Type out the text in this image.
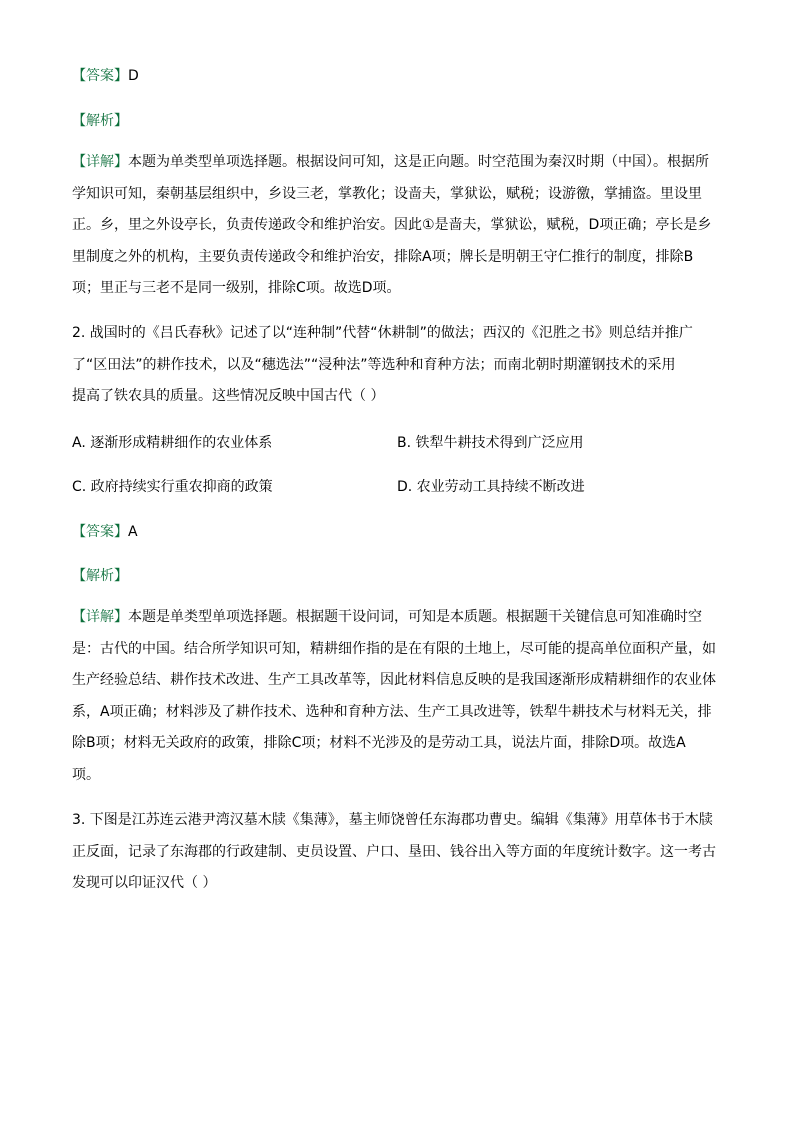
【答案】D
【解析】
【详解】本题为单类型单项选择题。根据设问可知，这是正向题。时空范围为秦汉时期（中国）。根据所
学知识可知，秦朝基层组织中，乡设三老，掌教化；设啬夫，掌狱讼，赋税；设游徼，掌捕盗。里设里
正。乡，里之外设亭长，负责传递政令和维护治安。因此①是啬夫，掌狱讼，赋税，D项正确；亭长是乡
里制度之外的机构，主要负责传递政令和维护治安，排除A项；牌长是明朝王守仁推行的制度，排除B
项；里正与三老不是同一级别，排除C项。故选D项。
2. 战国时的《吕氏春秋》记述了以“连种制”代替“休耕制”的做法；西汉的《氾胜之书》则总结并推广
了“区田法”的耕作技术，以及“穗选法”“浸种法”等选种和育种方法；而南北朝时期灌钢技术的采用
提高了铁农具的质量。这些情况反映中国古代（ ）
A. 逐渐形成精耕细作的农业体系	B. 铁犁牛耕技术得到广泛应用
C. 政府持续实行重农抑商的政策	D. 农业劳动工具持续不断改进
【答案】A
【解析】
【详解】本题是单类型单项选择题。根据题干设问词，可知是本质题。根据题干关键信息可知准确时空
是：古代的中国。结合所学知识可知，精耕细作指的是在有限的土地上，尽可能的提高单位面积产量，如
生产经验总结、耕作技术改进、生产工具改革等，因此材料信息反映的是我国逐渐形成精耕细作的农业体
系，A项正确；材料涉及了耕作技术、选种和育种方法、生产工具改进等，铁犁牛耕技术与材料无关，排
除B项；材料无关政府的政策，排除C项；材料不光涉及的是劳动工具，说法片面，排除D项。故选A
项。
3. 下图是江苏连云港尹湾汉墓木牍《集薄》，墓主师饶曾任东海郡功曹史。编辑《集薄》用草体书于木牍
正反面，记录了东海郡的行政建制、吏员设置、户口、垦田、钱谷出入等方面的年度统计数字。这一考古
发现可以印证汉代（ ）
